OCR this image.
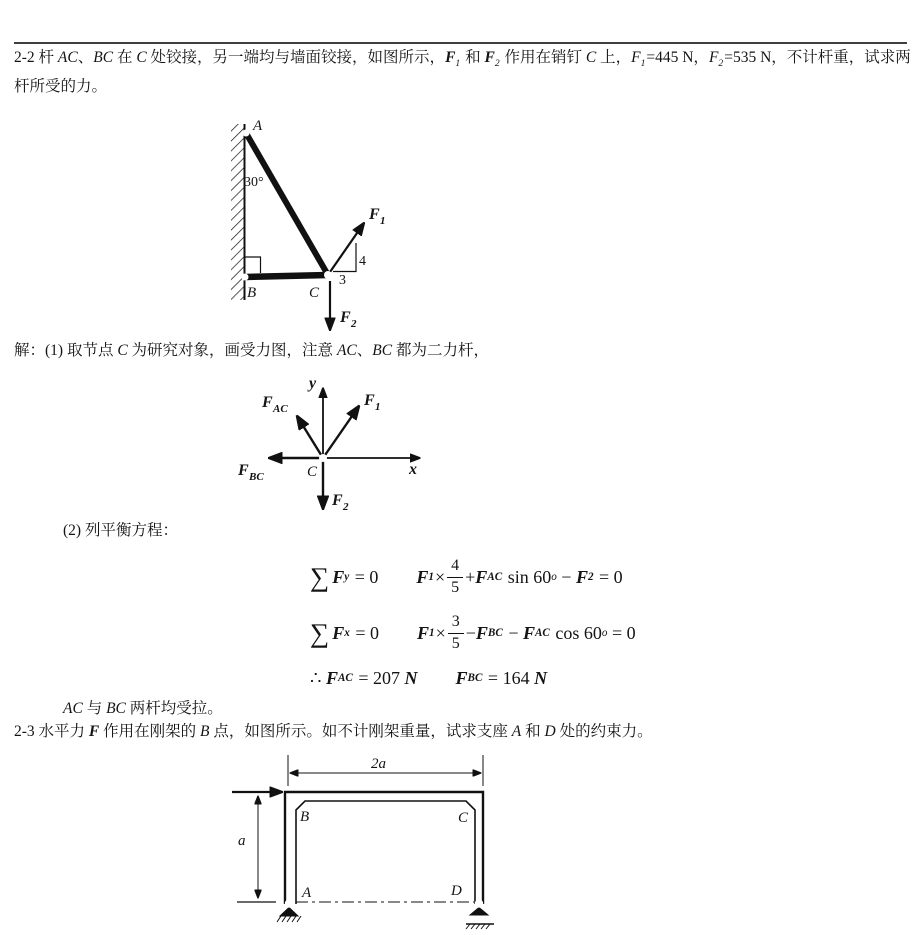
2-2 杆 AC、BC 在 C 处铰接，另一端均与墙面铰接，如图所示，$F_1$ 和 $F_2$ 作用在销钉 C 上，$F_1=445$ N，$F_2=535$ N，不计杆重，试求两杆所受的力。
A
30°
B	C
F 1
4
3
F 2
解：(1) 取节点 C 为研究对象，画受力图，注意 AC、BC 都为二力杆，
y
x
F AC	F 1
F BC	C
F 2
(2) 列平衡方程：
∑ F y = 0 F $1 \times \frac{4}{5} + F$ AC sin 60 o − F 2 = 0
∑ F x = 0 F $1 \times \frac{3}{5} - F$ BC − F AC cos 60 o = 0
∴ F AC = 207 N F BC = 164 N
AC 与 BC 两杆均受拉。
2-3 水平力 F 作用在刚架的 B 点，如图所示。如不计刚架重量，试求支座 A 和 D 处的约束力。
2a
a
B	C
A	D
